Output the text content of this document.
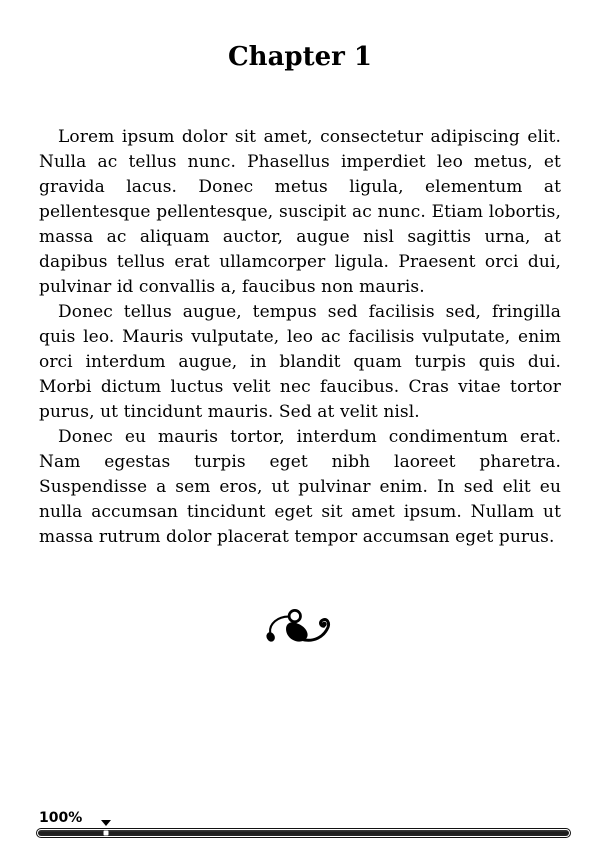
Chapter 1

Lorem ipsum dolor sit amet, consectetur adipiscing elit. Nulla ac tellus nunc. Phasellus imperdiet leo metus, et gravida lacus. Donec metus ligula, elementum at pellentesque pellentesque, suscipit ac nunc. Etiam lobortis, massa ac aliquam auctor, augue nisl sagittis urna, at dapibus tellus erat ullamcorper ligula. Praesent orci dui, pulvinar id convallis a, faucibus non mauris.

Donec tellus augue, tempus sed facilisis sed, fringilla quis leo. Mauris vulputate, leo ac facilisis vulputate, enim orci interdum augue, in blandit quam turpis quis dui. Morbi dictum luctus velit nec faucibus. Cras vitae tortor purus, ut tincidunt mauris. Sed at velit nisl.

Donec eu mauris tortor, interdum condimentum erat. Nam egestas turpis eget nibh laoreet pharetra. Suspendisse a sem eros, ut pulvinar enim. In sed elit eu nulla accumsan tincidunt eget sit amet ipsum. Nullam ut massa rutrum dolor placerat tempor accumsan eget purus.

100%
